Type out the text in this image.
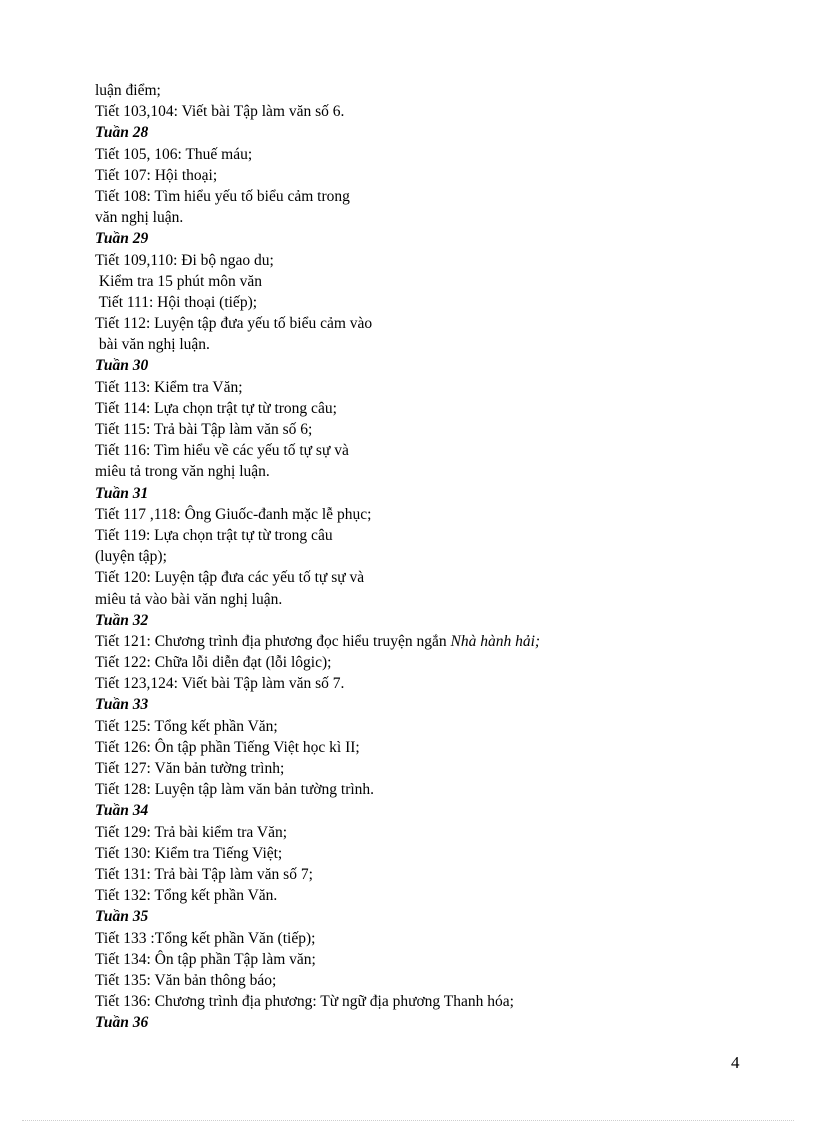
luận điểm;
Tiết 103,104: Viết bài Tập làm văn số 6.
Tuần 28
Tiết 105, 106: Thuế máu;
Tiết 107: Hội thoại;
Tiết 108: Tìm hiểu yếu tố biểu cảm trong
văn nghị luận.
Tuần 29
Tiết 109,110: Đi bộ ngao du;
Kiểm tra 15 phút môn văn
Tiết 111: Hội thoại (tiếp);
Tiết 112: Luyện tập đưa yếu tố biểu cảm vào
bài văn nghị luận.
Tuần 30
Tiết 113: Kiểm tra Văn;
Tiết 114: Lựa chọn trật tự từ trong câu;
Tiết 115: Trả bài Tập làm văn số 6;
Tiết 116: Tìm hiểu về các yếu tố tự sự và
miêu tả trong văn nghị luận.
Tuần 31
Tiết 117 ,118: Ông Giuốc-đanh mặc lễ phục;
Tiết 119: Lựa chọn trật tự từ trong câu
(luyện tập);
Tiết 120: Luyện tập đưa các yếu tố tự sự và
miêu tả vào bài văn nghị luận.
Tuần 32
Tiết 121: Chương trình địa phương đọc hiểu truyện ngắn Nhà hành hải;
Tiết 122: Chữa lỗi diễn đạt (lỗi lôgic);
Tiết 123,124: Viết bài Tập làm văn số 7.
Tuần 33
Tiết 125: Tổng kết phần Văn;
Tiết 126: Ôn tập phần Tiếng Việt học kì II;
Tiết 127: Văn bản tường trình;
Tiết 128: Luyện tập làm văn bản tường trình.
Tuần 34
Tiết 129: Trả bài kiểm tra Văn;
Tiết 130: Kiểm tra Tiếng Việt;
Tiết 131: Trả bài Tập làm văn số 7;
Tiết 132: Tổng kết phần Văn.
Tuần 35
Tiết 133 :Tổng kết phần Văn (tiếp);
Tiết 134: Ôn tập phần Tập làm văn;
Tiết 135: Văn bản thông báo;
Tiết 136: Chương trình địa phương: Từ ngữ địa phương Thanh hóa;
Tuần 36
4
